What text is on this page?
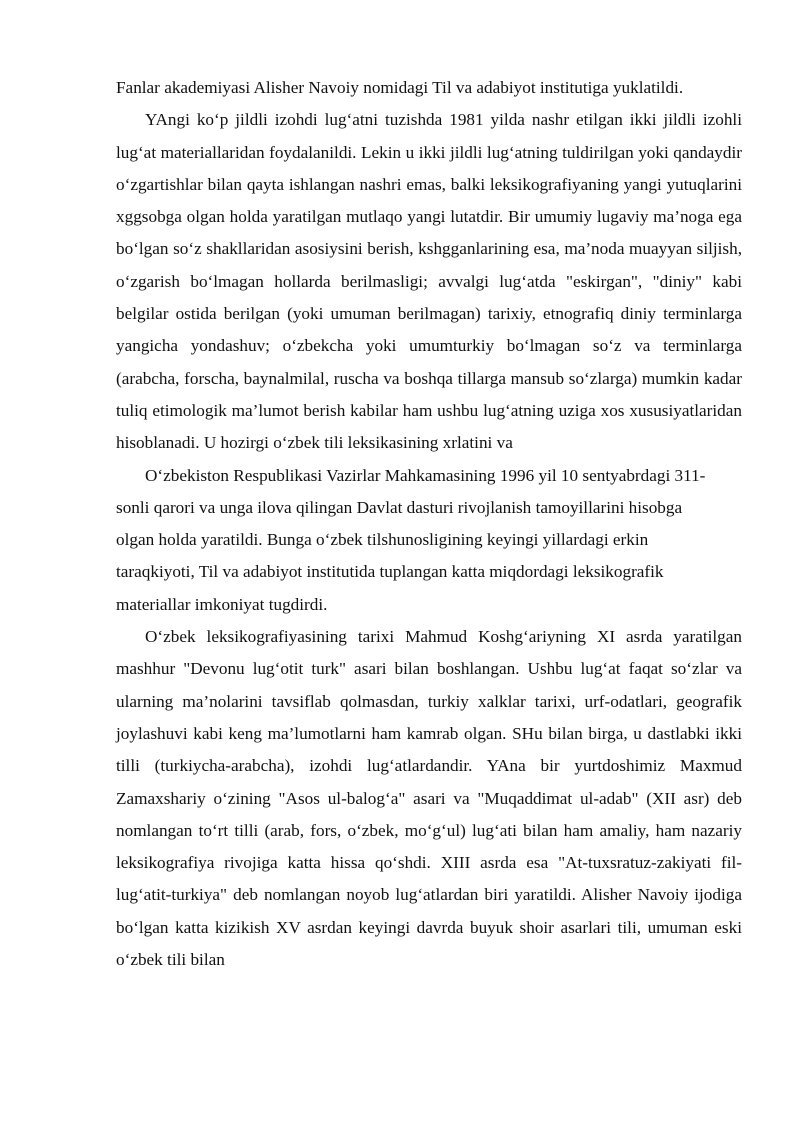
Fanlar akademiyasi Alisher Navoiy nomidagi Til va adabiyot institutiga yuklatildi.

YAngi ko‘p jildli izohdi lug‘atni tuzishda 1981 yilda nashr etilgan ikki jildli izohli lug‘at materiallaridan foydalanildi. Lekin u ikki jildli lug‘atning tuldirilgan yoki qandaydir o‘zgartishlar bilan qayta ishlangan nashri emas, balki leksikografiyaning yangi yutuqlarini xggsobga olgan holda yaratilgan mutlaqo yangi lutatdir. Bir umumiy lugaviy ma’noga ega bo‘lgan so‘z shakllaridan asosiysini berish, kshgganlarining esa, ma’noda muayyan siljish, o‘zgarish bo‘lmagan hollarda berilmasligi; avvalgi lug‘atda "eskirgan", "diniy" kabi belgilar ostida berilgan (yoki umuman berilmagan) tarixiy, etnografiq diniy terminlarga yangicha yondashuv; o‘zbekcha yoki umumturkiy bo‘lmagan so‘z va terminlarga (arabcha, forscha, baynalmilal, ruscha va boshqa tillarga mansub so‘zlarga) mumkin kadar tuliq etimologik ma’lumot berish kabilar ham ushbu lug‘atning uziga xos xususiyatlaridan hisoblanadi. U hozirgi o‘zbek tili leksikasining xrlatini va

O‘zbekiston Respublikasi Vazirlar Mahkamasining 1996 yil 10 sentyabrdagi 311-sonli qarori va unga ilova qilingan Davlat dasturi rivojlanish tamoyillarini hisobga olgan holda yaratildi. Bunga o‘zbek tilshunosligining keyingi yillardagi erkin taraqkiyoti, Til va adabiyot institutida tuplangan katta miqdordagi leksikografik materiallar imkoniyat tugdirdi.

O‘zbek leksikografiyasining tarixi Mahmud Koshg‘ariyning XI asrda yaratilgan mashhur "Devonu lug‘otit turk" asari bilan boshlangan. Ushbu lug‘at faqat so‘zlar va ularning ma’nolarini tavsiflab qolmasdan, turkiy xalklar tarixi, urf-odatlari, geografik joylashuvi kabi keng ma’lumotlarni ham kamrab olgan. SHu bilan birga, u dastlabki ikki tilli (turkiycha-arabcha), izohdi lug‘atlardandir. YAna bir yurtdoshimiz Maxmud Zamaxshariy o‘zining "Asos ul-balog‘a" asari va "Muqaddimat ul-adab" (XII asr) deb nomlangan to‘rt tilli (arab, fors, o‘zbek, mo‘g‘ul) lug‘ati bilan ham amaliy, ham nazariy leksikografiya rivojiga katta hissa qo‘shdi. XIII asrda esa "At-tuxsratuz-zakiyati fil-lug‘atit-turkiya" deb nomlangan noyob lug‘atlardan biri yaratildi. Alisher Navoiy ijodiga bo‘lgan katta kizikish XV asrdan keyingi davrda buyuk shoir asarlari tili, umuman eski o‘zbek tili bilan
